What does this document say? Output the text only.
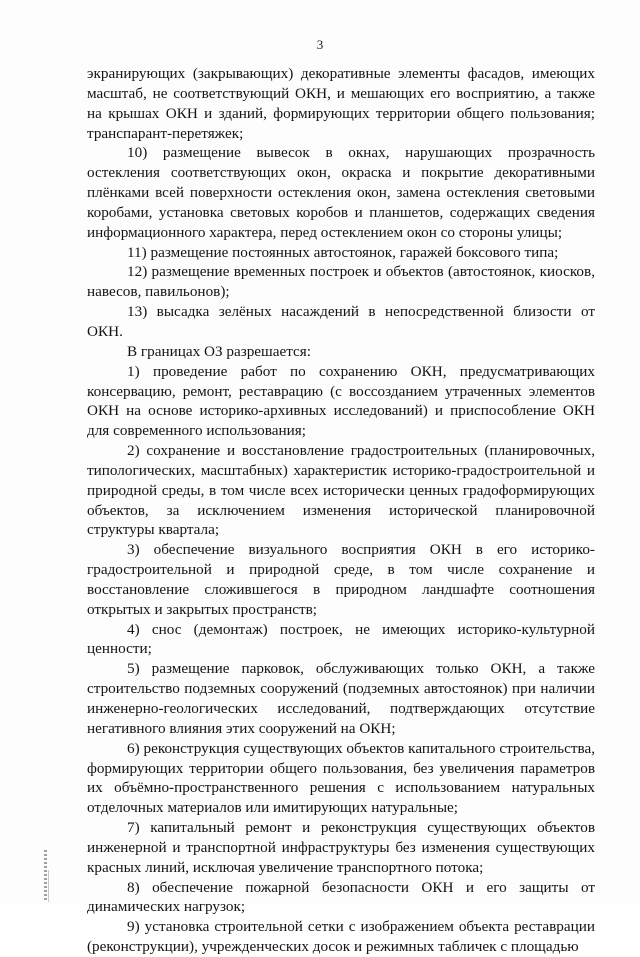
3

экранирующих (закрывающих) декоративные элементы фасадов, имеющих масштаб, не соответствующий ОКН, и мешающих его восприятию, а также на крышах ОКН и зданий, формирующих территории общего пользования; транспарант-перетяжек;

10) размещение вывесок в окнах, нарушающих прозрачность остекления соответствующих окон, окраска и покрытие декоративными плёнками всей поверхности остекления окон, замена остекления световыми коробами, установка световых коробов и планшетов, содержащих сведения информационного характера, перед остеклением окон со стороны улицы;

11) размещение постоянных автостоянок, гаражей боксового типа;

12) размещение временных построек и объектов (автостоянок, киосков, навесов, павильонов);

13) высадка зелёных насаждений в непосредственной близости от ОКН.

В границах ОЗ разрешается:

1) проведение работ по сохранению ОКН, предусматривающих консервацию, ремонт, реставрацию (с воссозданием утраченных элементов ОКН на основе историко-архивных исследований) и приспособление ОКН для современного использования;

2) сохранение и восстановление градостроительных (планировочных, типологических, масштабных) характеристик историко-градостроительной и природной среды, в том числе всех исторически ценных градоформирующих объектов, за исключением изменения исторической планировочной структуры квартала;

3) обеспечение визуального восприятия ОКН в его историко-градостроительной и природной среде, в том числе сохранение и восстановление сложившегося в природном ландшафте соотношения открытых и закрытых пространств;

4) снос (демонтаж) построек, не имеющих историко-культурной ценности;

5) размещение парковок, обслуживающих только ОКН, а также строительство подземных сооружений (подземных автостоянок) при наличии инженерно-геологических исследований, подтверждающих отсутствие негативного влияния этих сооружений на ОКН;

6) реконструкция существующих объектов капитального строительства, формирующих территории общего пользования, без увеличения параметров их объёмно-пространственного решения с использованием натуральных отделочных материалов или имитирующих натуральные;

7) капитальный ремонт и реконструкция существующих объектов инженерной и транспортной инфраструктуры без изменения существующих красных линий, исключая увеличение транспортного потока;

8) обеспечение пожарной безопасности ОКН и его защиты от динамических нагрузок;

9) установка строительной сетки с изображением объекта реставрации (реконструкции), учрежденческих досок и режимных табличек с площадью
